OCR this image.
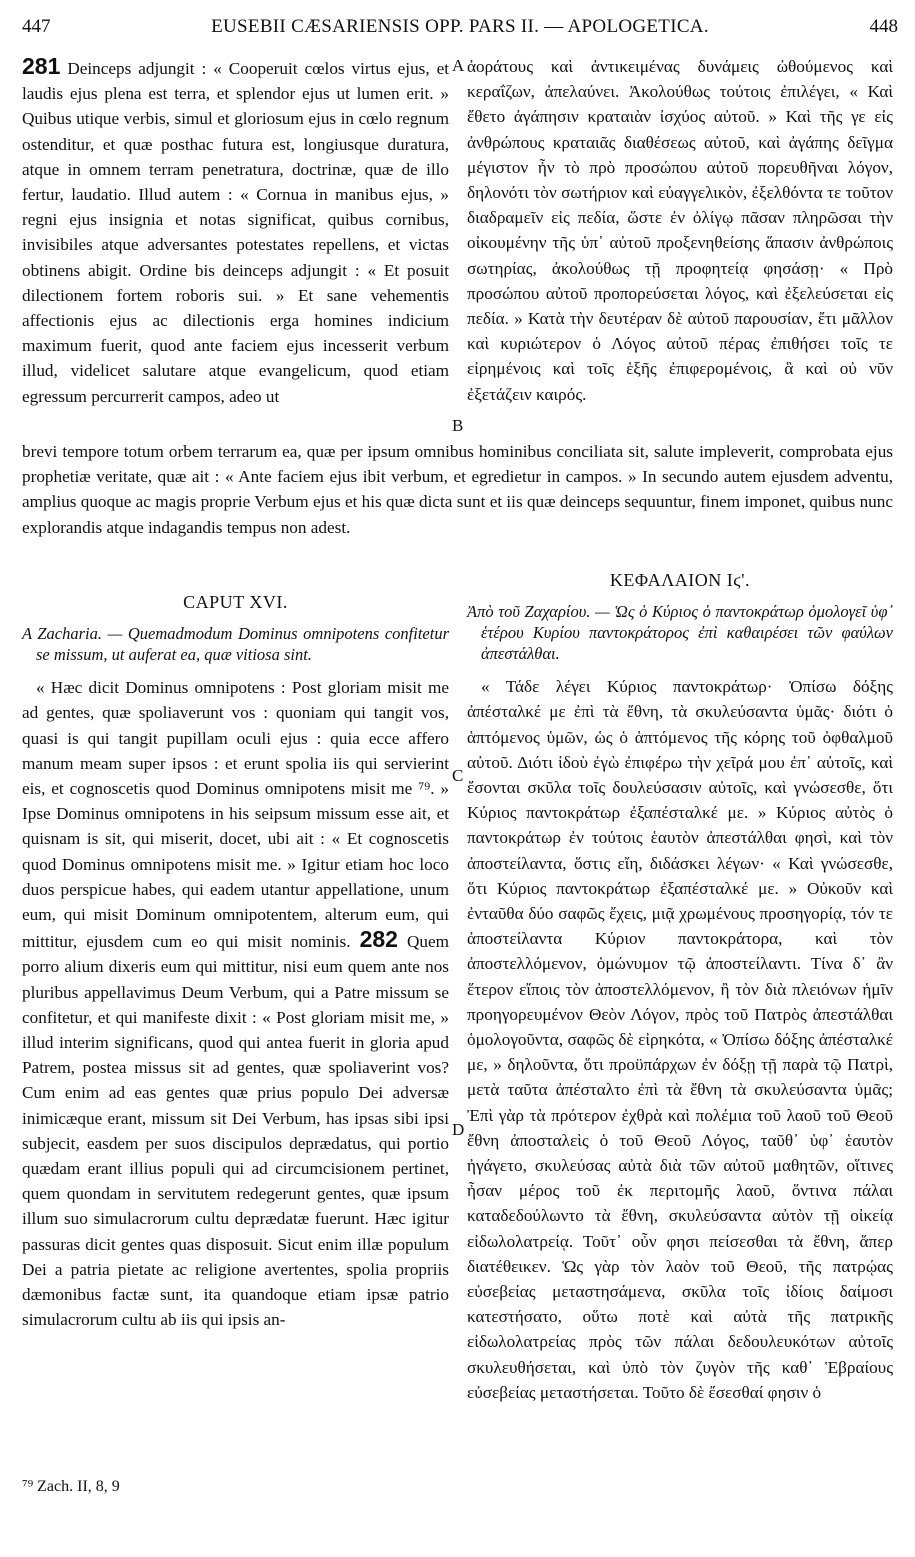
447	EUSEBII CÆSARIENSIS OPP. PARS II. — APOLOGETICA.	448

281 Deinceps adjungit : « Cooperuit cœlos virtus ejus, et laudis ejus plena est terra, et splendor ejus ut lumen erit. » Quibus utique verbis, simul et gloriosum ejus in cœlo regnum ostenditur, et quæ posthac futura est, longiusque duratura, atque in omnem terram penetratura, doctrinæ, quæ de illo fertur, laudatio. Illud autem : « Cornua in manibus ejus, » regni ejus insignia et notas significat, quibus cornibus, invisibiles atque adversantes potestates repellens, et victas obtinens abigit. Ordine bis deinceps adjungit : « Et posuit dilectionem fortem roboris sui. » Et sane vehementis affectionis ejus ac dilectionis erga homines indicium maximum fuerit, quod ante faciem ejus incesserit verbum illud, videlicet salutare atque evangelicum, quod etiam egressum percurrerit campos, adeo ut

ἀοράτους καὶ ἀντικειμένας δυνάμεις ὠθούμενος καὶ κεραΐζων, ἀπελαύνει. Ἀκολούθως τούτοις ἐπιλέγει, « Καὶ ἔθετο ἀγάπησιν κραταιὰν ἰσχύος αὐτοῦ. » Καὶ τῆς γε εἰς ἀνθρώπους κραταιᾶς διαθέσεως αὐτοῦ, καὶ ἀγάπης δεῖγμα μέγιστον ἦν τὸ πρὸ προσώπου αὐτοῦ πορευθῆναι λόγον, δηλονότι τὸν σωτήριον καὶ εὐαγγελικὸν, ἐξελθόντα τε τοῦτον διαδραμεῖν εἰς πεδία, ὥστε ἐν ὀλίγῳ πᾶσαν πληρῶσαι τὴν οἰκουμένην τῆς ὑπ᾽ αὐτοῦ προξενηθείσης ἅπασιν ἀνθρώποις σωτηρίας, ἀκολούθως τῇ προφητείᾳ φησάσῃ· « Πρὸ προσώπου αὐτοῦ προπορεύσεται λόγος, καὶ ἐξελεύσεται εἰς πεδία. » Κατὰ τὴν δευτέραν δὲ αὐτοῦ παρουσίαν, ἔτι μᾶλλον καὶ κυριώτερον ὁ Λόγος αὐτοῦ πέρας ἐπιθήσει τοῖς τε εἰρημένοις καὶ τοῖς ἑξῆς ἐπιφερομένοις, ἃ καὶ οὐ νῦν ἐξετάζειν καιρός.

A
B
C
D

brevi tempore totum orbem terrarum ea, quæ per ipsum omnibus hominibus conciliata sit, salute impleverit, comprobata ejus prophetiæ veritate, quæ ait : « Ante faciem ejus ibit verbum, et egredietur in campos. » In secundo autem ejusdem adventu, amplius quoque ac magis proprie Verbum ejus et his quæ dicta sunt et iis quæ deinceps sequuntur, finem imponet, quibus nunc explorandis atque indagandis tempus non adest.

CAPUT XVI.
A Zacharia. — Quemadmodum Dominus omnipotens confitetur se missum, ut auferat ea, quæ vitiosa sint.

« Hæc dicit Dominus omnipotens : Post gloriam misit me ad gentes, quæ spoliaverunt vos : quoniam qui tangit vos, quasi is qui tangit pupillam oculi ejus : quia ecce affero manum meam super ipsos : et erunt spolia iis qui servierint eis, et cognoscetis quod Dominus omnipotens misit me ⁷⁹. » Ipse Dominus omnipotens in his seipsum missum esse ait, et quisnam is sit, qui miserit, docet, ubi ait : « Et cognoscetis quod Dominus omnipotens misit me. » Igitur etiam hoc loco duos perspicue habes, qui eadem utantur appellatione, unum eum, qui misit Dominum omnipotentem, alterum eum, qui mittitur, ejusdem cum eo qui misit nominis. 282 Quem porro alium dixeris eum qui mittitur, nisi eum quem ante nos pluribus appellavimus Deum Verbum, qui a Patre missum se confitetur, et qui manifeste dixit : « Post gloriam misit me, » illud interim significans, quod qui antea fuerit in gloria apud Patrem, postea missus sit ad gentes, quæ spoliaverint vos? Cum enim ad eas gentes quæ prius populo Dei adversæ inimicæque erant, missum sit Dei Verbum, has ipsas sibi ipsi subjecit, easdem per suos discipulos deprædatus, qui portio quædam erant illius populi qui ad circumcisionem pertinet, quem quondam in servitutem redegerunt gentes, quæ ipsum illum suo simulacrorum cultu deprædatæ fuerunt. Hæc igitur passuras dicit gentes quas disposuit. Sicut enim illæ populum Dei a patria pietate ac religione avertentes, spolia propriis dæmonibus factæ sunt, ita quandoque etiam ipsæ patrio simulacrorum cultu ab iis qui ipsis an-

ΚΕΦΑΛΑΙΟΝ Ιϛ'.
Ἀπὸ τοῦ Ζαχαρίου. — Ὡς ὁ Κύριος ὁ παντοκράτωρ ὁμολογεῖ ὑφ᾽ ἑτέρου Κυρίου παντοκράτορος ἐπὶ καθαιρέσει τῶν φαύλων ἀπεστάλθαι.

« Τάδε λέγει Κύριος παντοκράτωρ· Ὀπίσω δόξης ἀπέσταλκέ με ἐπὶ τὰ ἔθνη, τὰ σκυλεύσαντα ὑμᾶς· διότι ὁ ἁπτόμενος ὑμῶν, ὡς ὁ ἁπτόμενος τῆς κόρης τοῦ ὀφθαλμοῦ αὐτοῦ. Διότι ἰδοὺ ἐγὼ ἐπιφέρω τὴν χεῖρά μου ἐπ᾽ αὐτοῖς, καὶ ἔσονται σκῦλα τοῖς δουλεύσασιν αὐτοῖς, καὶ γνώσεσθε, ὅτι Κύριος παντοκράτωρ ἐξαπέσταλκέ με. » Κύριος αὐτὸς ὁ παντοκράτωρ ἐν τούτοις ἑαυτὸν ἀπεστάλθαι φησὶ, καὶ τὸν ἀποστείλαντα, ὅστις εἴη, διδάσκει λέγων· « Καὶ γνώσεσθε, ὅτι Κύριος παντοκράτωρ ἐξαπέσταλκέ με. » Οὐκοῦν καὶ ἐνταῦθα δύο σαφῶς ἔχεις, μιᾷ χρωμένους προσηγορίᾳ, τόν τε ἀποστείλαντα Κύριον παντοκράτορα, καὶ τὸν ἀποστελλόμενον, ὁμώνυμον τῷ ἀποστείλαντι. Τίνα δ᾽ ἂν ἕτερον εἴποις τὸν ἀποστελλόμενον, ἢ τὸν διὰ πλειόνων ἡμῖν προηγορευμένον Θεὸν Λόγον, πρὸς τοῦ Πατρὸς ἀπεστάλθαι ὁμολογοῦντα, σαφῶς δὲ εἰρηκότα, « Ὀπίσω δόξης ἀπέσταλκέ με, » δηλοῦντα, ὅτι προϋπάρχων ἐν δόξῃ τῇ παρὰ τῷ Πατρὶ, μετὰ ταῦτα ἀπέσταλτο ἐπὶ τὰ ἔθνη τὰ σκυλεύσαντα ὑμᾶς; Ἐπὶ γὰρ τὰ πρότερον ἐχθρὰ καὶ πολέμια τοῦ λαοῦ τοῦ Θεοῦ ἔθνη ἀποσταλεὶς ὁ τοῦ Θεοῦ Λόγος, ταῦθ᾽ ὑφ᾽ ἑαυτὸν ἠγάγετο, σκυλεύσας αὐτὰ διὰ τῶν αὐτοῦ μαθητῶν, οἵτινες ἦσαν μέρος τοῦ ἐκ περιτομῆς λαοῦ, ὅντινα πάλαι καταδεδούλωντο τὰ ἔθνη, σκυλεύσαντα αὐτὸν τῇ οἰκείᾳ εἰδωλολατρείᾳ. Τοῦτ᾽ οὖν φησι πείσεσθαι τὰ ἔθνη, ἅπερ διατέθεικεν. Ὡς γὰρ τὸν λαὸν τοῦ Θεοῦ, τῆς πατρῴας εὐσεβείας μεταστησάμενα, σκῦλα τοῖς ἰδίοις δαίμοσι κατεστήσατο, οὕτω ποτὲ καὶ αὐτὰ τῆς πατρικῆς εἰδωλολατρείας πρὸς τῶν πάλαι δεδουλευκότων αὐτοῖς σκυλευθήσεται, καὶ ὑπὸ τὸν ζυγὸν τῆς καθ᾽ Ἑβραίους εὐσεβείας μεταστήσεται. Τοῦτο δὲ ἔσεσθαί φησιν ὁ

⁷⁹ Zach. II, 8, 9
